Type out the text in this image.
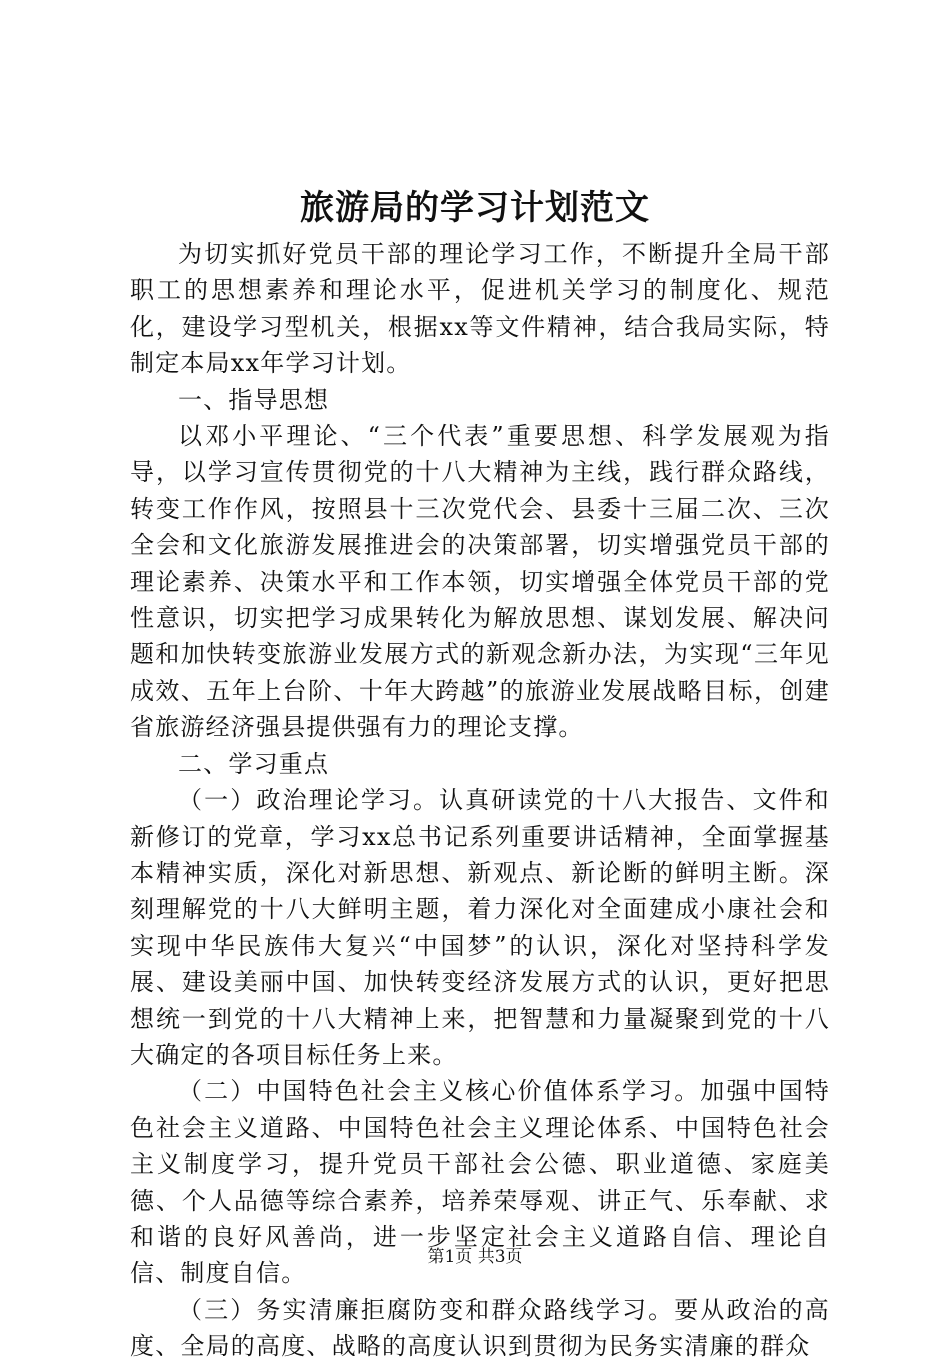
旅游局的学习计划范文

为切实抓好党员干部的理论学习工作，不断提升全局干部职工的思想素养和理论水平，促进机关学习的制度化、规范化，建设学习型机关，根据xx等文件精神，结合我局实际，特制定本局xx年学习计划。

一、指导思想

以邓小平理论、“三个代表”重要思想、科学发展观为指导，以学习宣传贯彻党的十八大精神为主线，践行群众路线，转变工作作风，按照县十三次党代会、县委十三届二次、三次全会和文化旅游发展推进会的决策部署，切实增强党员干部的理论素养、决策水平和工作本领，切实增强全体党员干部的党性意识，切实把学习成果转化为解放思想、谋划发展、解决问题和加快转变旅游业发展方式的新观念新办法，为实现“三年见成效、五年上台阶、十年大跨越”的旅游业发展战略目标，创建省旅游经济强县提供强有力的理论支撑。

二、学习重点

（一）政治理论学习。认真研读党的十八大报告、文件和新修订的党章，学习xx总书记系列重要讲话精神，全面掌握基本精神实质，深化对新思想、新观点、新论断的鲜明主断。深刻理解党的十八大鲜明主题，着力深化对全面建成小康社会和实现中华民族伟大复兴“中国梦”的认识，深化对坚持科学发展、建设美丽中国、加快转变经济发展方式的认识，更好把思想统一到党的十八大精神上来，把智慧和力量凝聚到党的十八大确定的各项目标任务上来。

（二）中国特色社会主义核心价值体系学习。加强中国特色社会主义道路、中国特色社会主义理论体系、中国特色社会主义制度学习，提升党员干部社会公德、职业道德、家庭美德、个人品德等综合素养，培养荣辱观、讲正气、乐奉献、求和谐的良好风善尚，进一步坚定社会主义道路自信、理论自信、制度自信。

（三）务实清廉拒腐防变和群众路线学习。要从政治的高度、全局的高度、战略的高度认识到贯彻为民务实清廉的群众

第1页 共3页
